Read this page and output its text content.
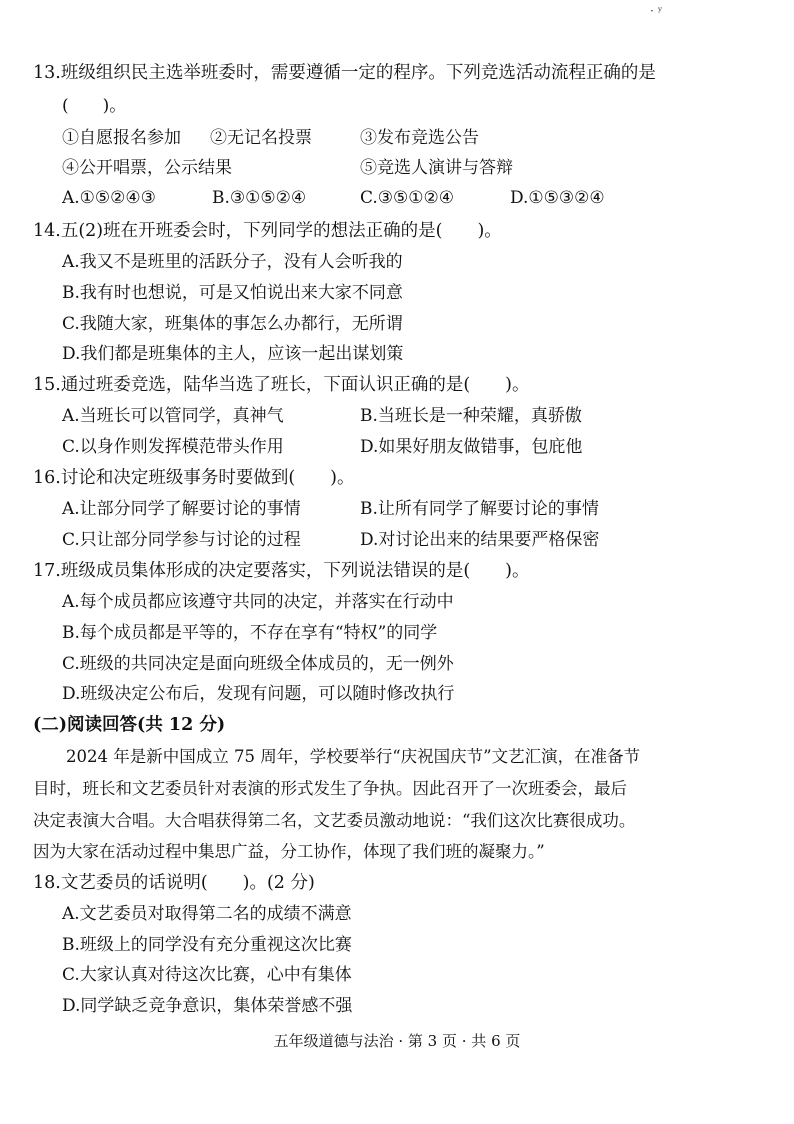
· ʸ
13.班级组织民主选举班委时，需要遵循一定的程序。下列竞选活动流程正确的是
(　　)。
①自愿报名参加 ②无记名投票	③发布竞选公告
④公开唱票，公示结果	⑤竞选人演讲与答辩
A.①⑤②④③	B.③①⑤②④	C.③⑤①②④	D.①⑤③②④
14.五(2)班在开班委会时，下列同学的想法正确的是(　　)。
A.我又不是班里的活跃分子，没有人会听我的
B.我有时也想说，可是又怕说出来大家不同意
C.我随大家，班集体的事怎么办都行，无所谓
D.我们都是班集体的主人，应该一起出谋划策
15.通过班委竞选，陆华当选了班长，下面认识正确的是(　　)。
A.当班长可以管同学，真神气	B.当班长是一种荣耀，真骄傲
C.以身作则发挥模范带头作用	D.如果好朋友做错事，包庇他
16.讨论和决定班级事务时要做到(　　)。
A.让部分同学了解要讨论的事情	B.让所有同学了解要讨论的事情
C.只让部分同学参与讨论的过程	D.对讨论出来的结果要严格保密
17.班级成员集体形成的决定要落实，下列说法错误的是(　　)。
A.每个成员都应该遵守共同的决定，并落实在行动中
B.每个成员都是平等的，不存在享有“特权”的同学
C.班级的共同决定是面向班级全体成员的，无一例外
D.班级决定公布后，发现有问题，可以随时修改执行
(二)阅读回答(共 12 分)
　　2024 年是新中国成立 75 周年，学校要举行“庆祝国庆节”文艺汇演，在准备节
目时，班长和文艺委员针对表演的形式发生了争执。因此召开了一次班委会，最后
决定表演大合唱。大合唱获得第二名，文艺委员激动地说：“我们这次比赛很成功。
因为大家在活动过程中集思广益，分工协作，体现了我们班的凝聚力。”
18.文艺委员的话说明(　　)。(2 分)
A.文艺委员对取得第二名的成绩不满意
B.班级上的同学没有充分重视这次比赛
C.大家认真对待这次比赛，心中有集体
D.同学缺乏竞争意识，集体荣誉感不强
五年级道德与法治 · 第 3 页 · 共 6 页
